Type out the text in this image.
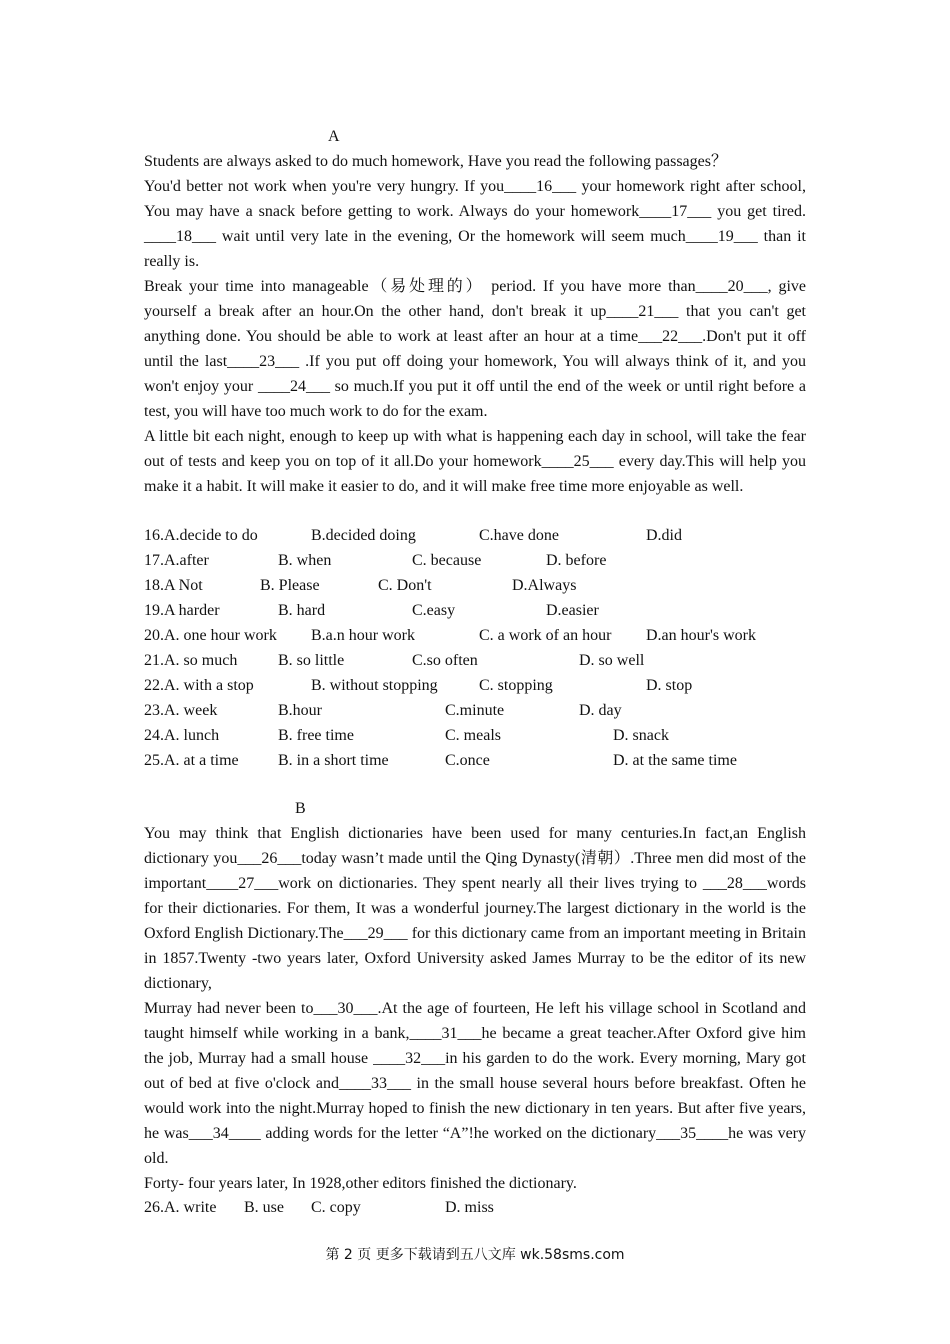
A

Students are always asked to do much homework, Have you read the following passages？

You'd better not work when you're very hungry. If you____16___ your homework right after school, You may have a snack before getting to work. Always do your homework____17___ you get tired. ____18___ wait until very late in the evening, Or the homework will seem much____19___ than it really is.

Break your time into manageable（易处理的） period. If you have more than____20___, give yourself a break after an hour.On the other hand, don't break it up____21___ that you can't get anything done. You should be able to work at least after an hour at a time___22___.Don't put it off until the last____23___ .If you put off doing your homework, You will always think of it, and you won't enjoy your ____24___ so much.If you put it off until the end of the week or until right before a test, you will have too much work to do for the exam.

A little bit each night, enough to keep up with what is happening each day in school, will take the fear out of tests and keep you on top of it all.Do your homework____25___ every day.This will help you make it a habit. It will make it easier to do, and it will make free time more enjoyable as well.

16.A.decide to do	B.decided doing	C.have done	D.did
17.A.after	B. when	C. because	D. before
18.A Not	B. Please	C. Don't	D.Always
19.A harder	B. hard	C.easy	D.easier
20.A. one hour work B.a.n hour work	C. a work of an hour D.an hour's work
21.A. so much	B. so little	C.so often	D. so well
22.A. with a stop	B. without stopping	C. stopping	D. stop
23.A. week	B.hour	C.minute	D. day
24.A. lunch	B. free time	C. meals	D. snack
25.A. at a time B. in a short time	C.once	D. at the same time
B

You may think that English dictionaries have been used for many centuries.In fact,an English dictionary you___26___today wasn’t made until the Qing Dynasty(清朝）.Three men did most of the important____27___work on dictionaries. They spent nearly all their lives trying to ___28___words for their dictionaries. For them, It was a wonderful journey.The largest dictionary in the world is the Oxford English Dictionary.The___29___ for this dictionary came from an important meeting in Britain in 1857.Twenty -two years later, Oxford University asked James Murray to be the editor of its new dictionary,

Murray had never been to___30___.At the age of fourteen, He left his village school in Scotland and taught himself while working in a bank,____31___he became a great teacher.After Oxford give him the job, Murray had a small house ____32___in his garden to do the work. Every morning, Mary got out of bed at five o'clock and____33___ in the small house several hours before breakfast. Often he would work into the night.Murray hoped to finish the new dictionary in ten years. But after five years, he was___34____ adding words for the letter “A”!he worked on the dictionary___35____he was very old.

Forty- four years later, In 1928,other editors finished the dictionary.

26.A. write B. use C. copy	D. miss
第 2 页 更多下载请到五八文库 wk.58sms.com
